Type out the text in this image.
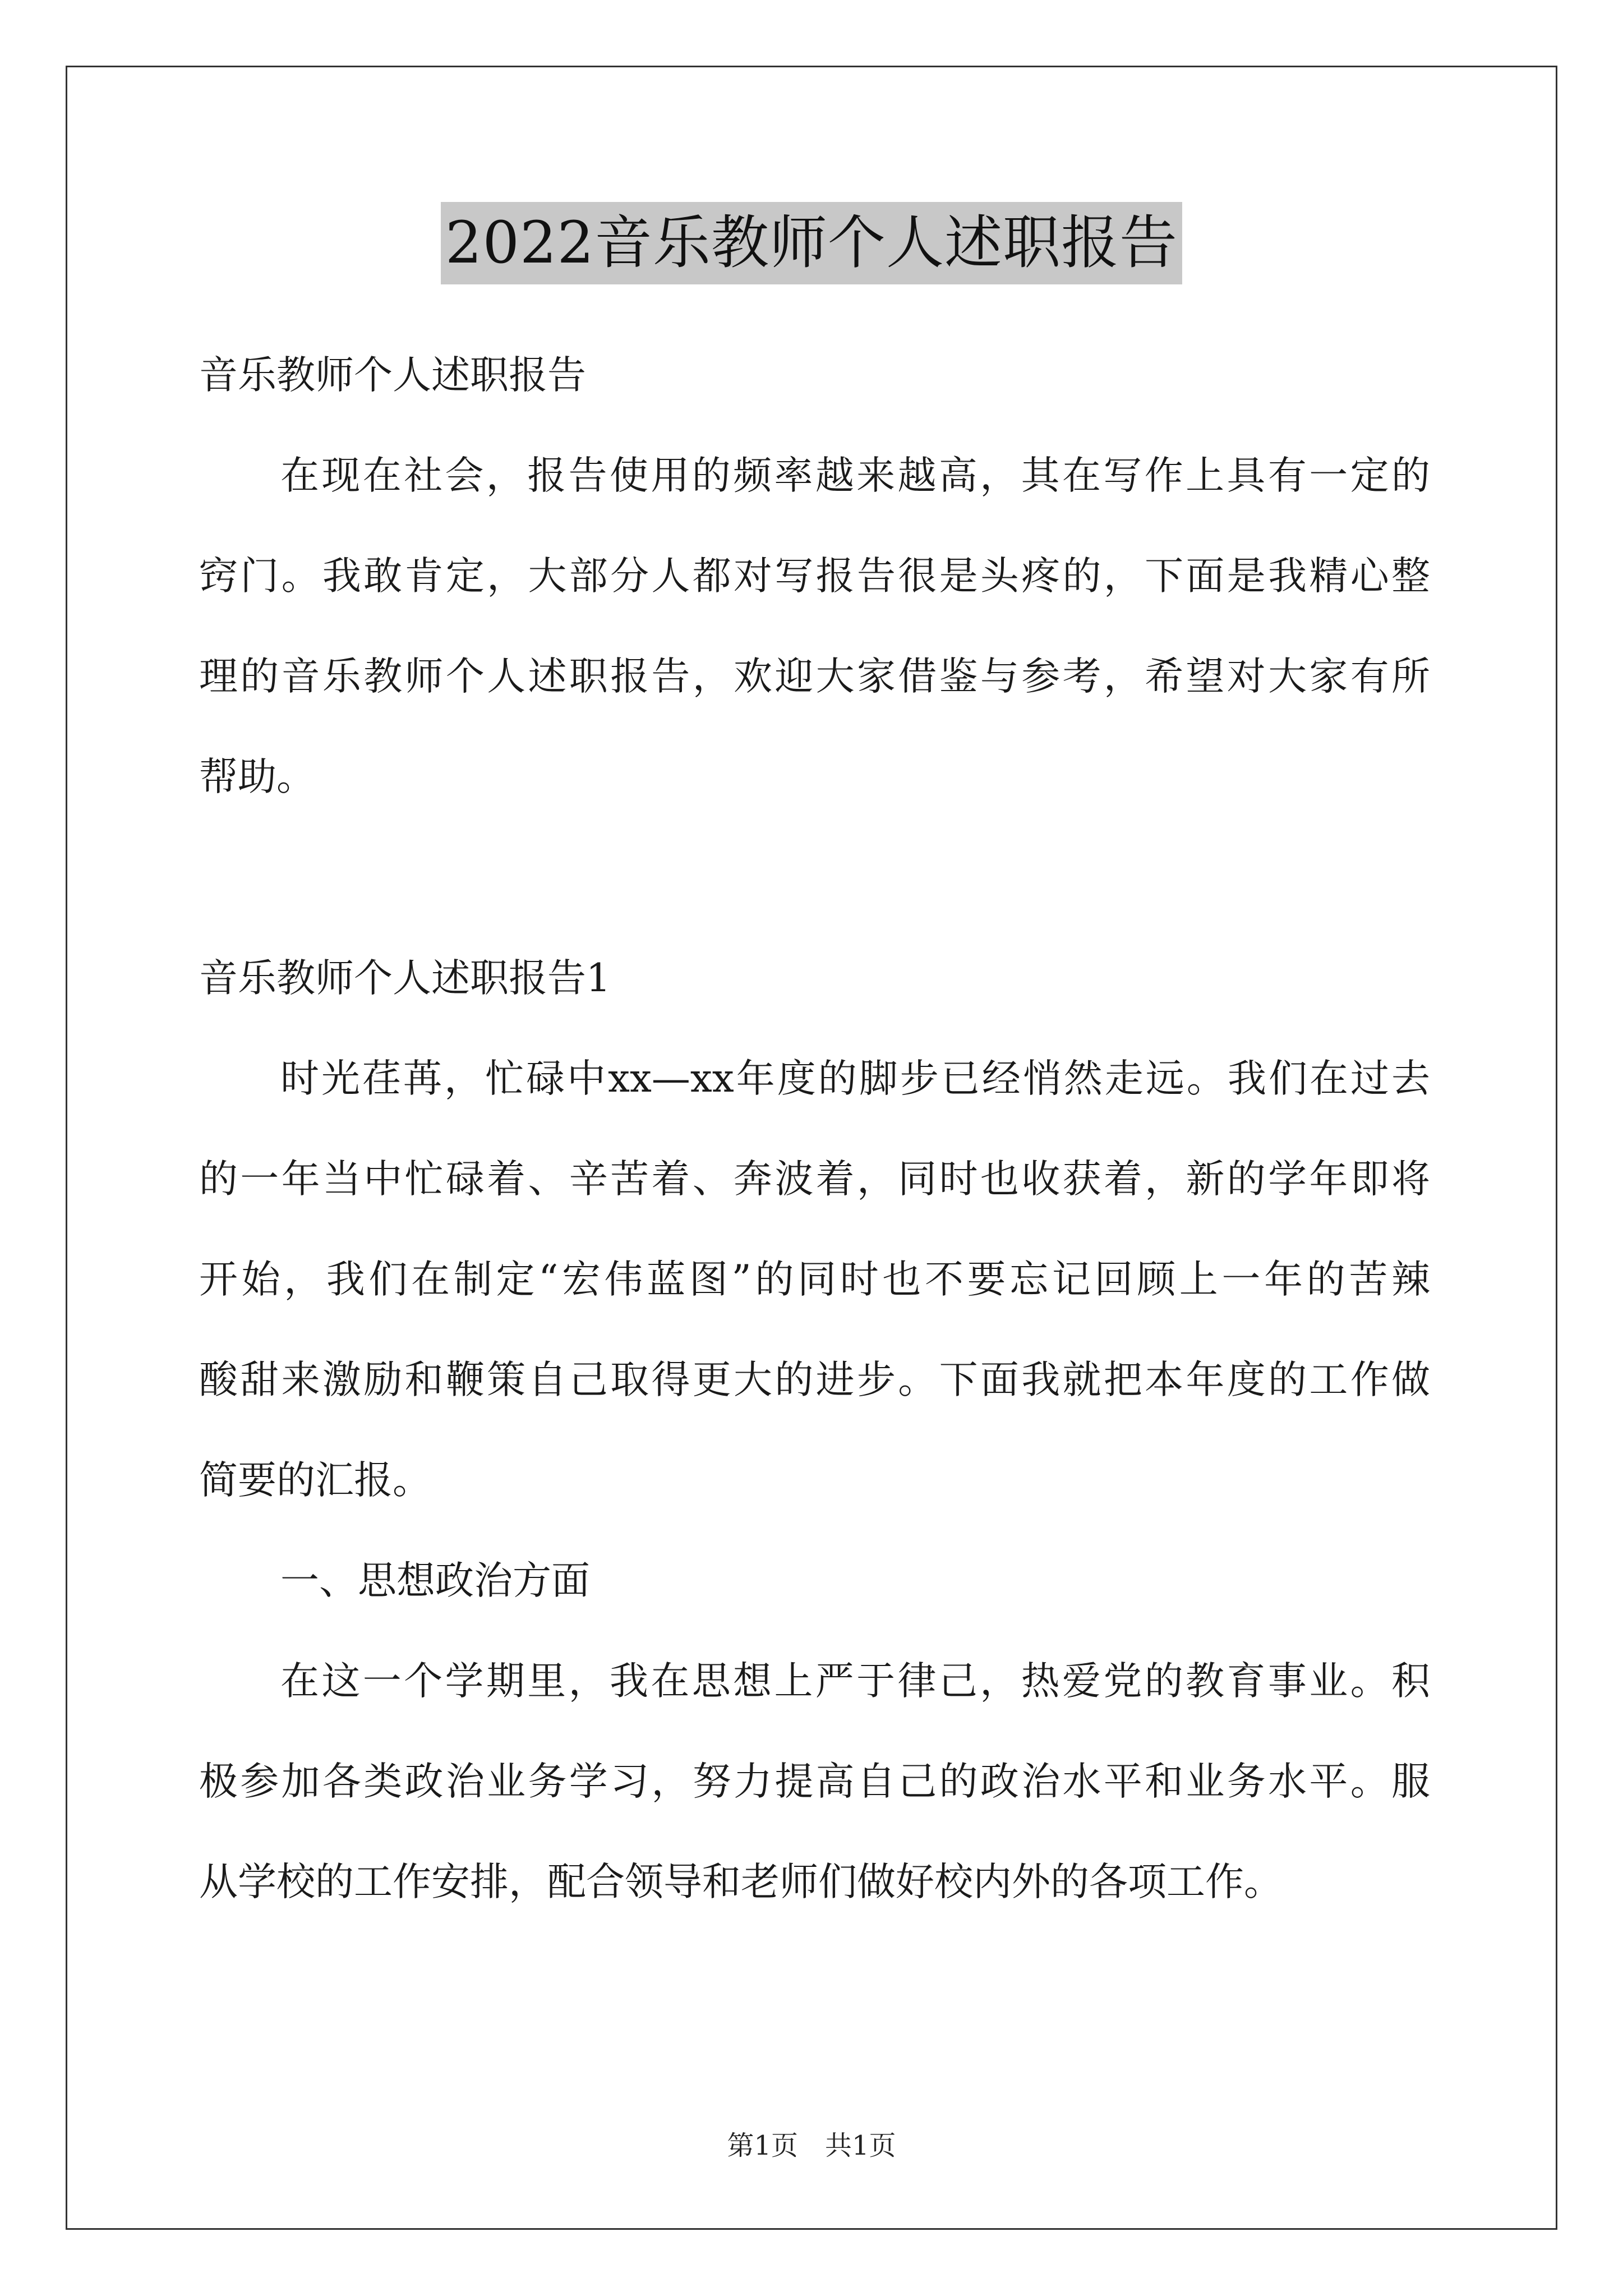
2022音乐教师个人述职报告
音乐教师个人述职报告
在现在社会，报告使用的频率越来越高，其在写作上具有一定的
窍门。我敢肯定，大部分人都对写报告很是头疼的，下面是我精心整
理的音乐教师个人述职报告，欢迎大家借鉴与参考，希望对大家有所
帮助。
音乐教师个人述职报告1
时光荏苒，忙碌中xx—xx年度的脚步已经悄然走远。我们在过去
的一年当中忙碌着、辛苦着、奔波着，同时也收获着，新的学年即将
开始，我们在制定“宏伟蓝图”的同时也不要忘记回顾上一年的苦辣
酸甜来激励和鞭策自己取得更大的进步。下面我就把本年度的工作做
简要的汇报。
一、思想政治方面
在这一个学期里，我在思想上严于律己，热爱党的教育事业。积
极参加各类政治业务学习，努力提高自己的政治水平和业务水平。服
从学校的工作安排，配合领导和老师们做好校内外的各项工作。
第1页　共1页
